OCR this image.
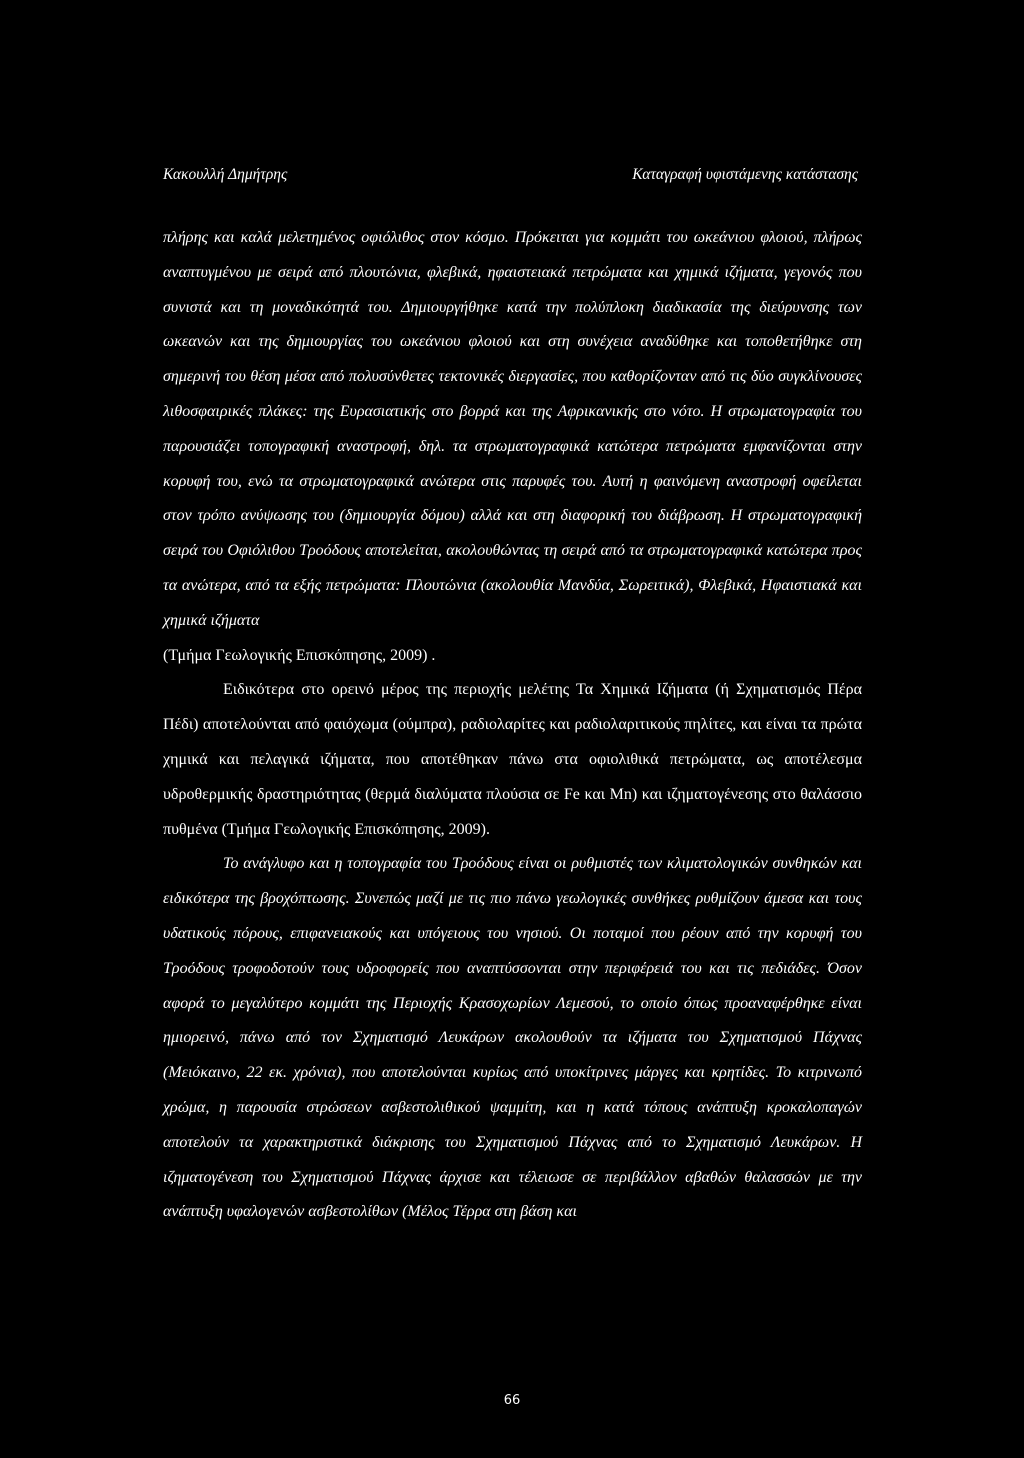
Κακουλλή Δημήτρης	Καταγραφή υφιστάμενης κατάστασης

πλήρης και καλά μελετημένος οφιόλιθος στον κόσμο. Πρόκειται για κομμάτι του ωκεάνιου φλοιού, πλήρως αναπτυγμένου με σειρά από πλουτώνια, φλεβικά, ηφαιστειακά πετρώματα και χημικά ιζήματα, γεγονός που συνιστά και τη μοναδικότητά του. Δημιουργήθηκε κατά την πολύπλοκη διαδικασία της διεύρυνσης των ωκεανών και της δημιουργίας του ωκεάνιου φλοιού και στη συνέχεια αναδύθηκε και τοποθετήθηκε στη σημερινή του θέση μέσα από πολυσύνθετες τεκτονικές διεργασίες, που καθορίζονταν από τις δύο συγκλίνουσες λιθοσφαιρικές πλάκες: της Ευρασιατικής στο βορρά και της Αφρικανικής στο νότο. Η στρωματογραφία του παρουσιάζει τοπογραφική αναστροφή, δηλ. τα στρωματογραφικά κατώτερα πετρώματα εμφανίζονται στην κορυφή του, ενώ τα στρωματογραφικά ανώτερα στις παρυφές του. Αυτή η φαινόμενη αναστροφή οφείλεται στον τρόπο ανύψωσης του (δημιουργία δόμου) αλλά και στη διαφορική του διάβρωση. Η στρωματογραφική σειρά του Οφιόλιθου Τροόδους αποτελείται, ακολουθώντας τη σειρά από τα στρωματογραφικά κατώτερα προς τα ανώτερα, από τα εξής πετρώματα: Πλουτώνια (ακολουθία Μανδύα, Σωρειτικά), Φλεβικά, Ηφαιστιακά και χημικά ιζήματα
(Τμήμα Γεωλογικής Επισκόπησης, 2009) .

Ειδικότερα στο ορεινό μέρος της περιοχής μελέτης Τα Χημικά Ιζήματα (ή Σχηματισμός Πέρα Πέδι) αποτελούνται από φαιόχωμα (ούμπρα), ραδιολαρίτες και ραδιολαριτικούς πηλίτες, και είναι τα πρώτα χημικά και πελαγικά ιζήματα, που αποτέθηκαν πάνω στα οφιολιθικά πετρώματα, ως αποτέλεσμα υδροθερμικής δραστηριότητας (θερμά διαλύματα πλούσια σε Fe και Mn) και ιζηματογένεσης στο θαλάσσιο πυθμένα (Τμήμα Γεωλογικής Επισκόπησης, 2009).

Το ανάγλυφο και η τοπογραφία του Τροόδους είναι οι ρυθμιστές των κλιματολογικών συνθηκών και ειδικότερα της βροχόπτωσης. Συνεπώς μαζί με τις πιο πάνω γεωλογικές συνθήκες ρυθμίζουν άμεσα και τους υδατικούς πόρους, επιφανειακούς και υπόγειους του νησιού. Οι ποταμοί που ρέουν από την κορυφή του Τροόδους τροφοδοτούν τους υδροφορείς που αναπτύσσονται στην περιφέρειά του και τις πεδιάδες. Όσον αφορά το μεγαλύτερο κομμάτι της Περιοχής Κρασοχωρίων Λεμεσού, το οποίο όπως προαναφέρθηκε είναι ημιορεινό, πάνω από τον Σχηματισμό Λευκάρων ακολουθούν τα ιζήματα του Σχηματισμού Πάχνας (Μειόκαινο, 22 εκ. χρόνια), που αποτελούνται κυρίως από υποκίτρινες μάργες και κρητίδες. Το κιτρινωπό χρώμα, η παρουσία στρώσεων ασβεστολιθικού ψαμμίτη, και η κατά τόπους ανάπτυξη κροκαλοπαγών αποτελούν τα χαρακτηριστικά διάκρισης του Σχηματισμού Πάχνας από το Σχηματισμό Λευκάρων. Η ιζηματογένεση του Σχηματισμού Πάχνας άρχισε και τέλειωσε σε περιβάλλον αβαθών θαλασσών με την ανάπτυξη υφαλογενών ασβεστολίθων (Μέλος Τέρρα στη βάση και

66
